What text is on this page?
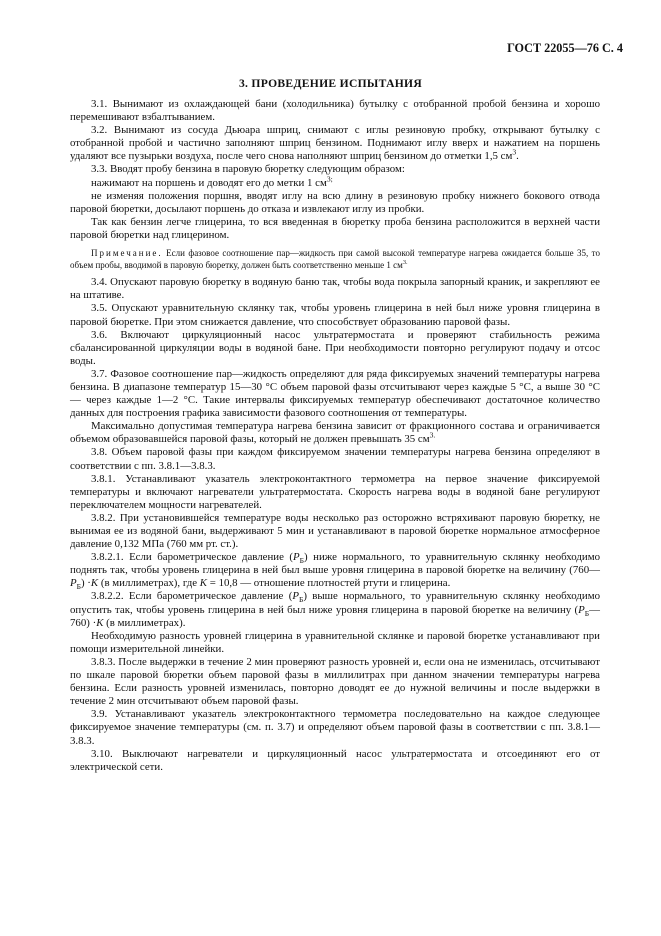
ГОСТ 22055—76 С. 4
3. ПРОВЕДЕНИЕ ИСПЫТАНИЯ

3.1. Вынимают из охлаждающей бани (холодильника) бутылку с отобранной пробой бензина и хорошо перемешивают взбалтыванием.

3.2. Вынимают из сосуда Дьюара шприц, снимают с иглы резиновую пробку, открывают бутылку с отобранной пробой и частично заполняют шприц бензином. Поднимают иглу вверх и нажатием на поршень удаляют все пузырьки воздуха, после чего снова наполняют шприц бензином до отметки 1,5 $см^3$.

3.3. Вводят пробу бензина в паровую бюретку следующим образом:

нажимают на поршень и доводят его до метки 1 $см^{3;}$

не изменяя положения поршня, вводят иглу на всю длину в резиновую пробку нижнего бокового отвода паровой бюретки, досылают поршень до отказа и извлекают иглу из пробки.

Так как бензин легче глицерина, то вся введенная в бюретку проба бензина расположится в верхней части паровой бюретки над глицерином.

Примечание. Если фазовое соотношение пар—жидкость при самой высокой температуре нагрева ожидается больше 35, то объем пробы, вводимой в паровую бюретку, должен быть соответственно меньше 1 $см^{3.}$

3.4. Опускают паровую бюретку в водяную баню так, чтобы вода покрыла запорный краник, и закрепляют ее на штативе.

3.5. Опускают уравнительную склянку так, чтобы уровень глицерина в ней был ниже уровня глицерина в паровой бюретке. При этом снижается давление, что способствует образованию паровой фазы.

3.6. Включают циркуляционный насос ультратермостата и проверяют стабильность режима сбалансированной циркуляции воды в водяной бане. При необходимости повторно регулируют подачу и отсос воды.

3.7. Фазовое соотношение пар—жидкость определяют для ряда фиксируемых значений температуры нагрева бензина. В диапазоне температур 15—30 °С объем паровой фазы отсчитывают через каждые 5 °С, а выше 30 °С — через каждые 1—2 °С. Такие интервалы фиксируемых температур обеспечивают достаточное количество данных для построения графика зависимости фазового соотношения от температуры.

Максимально допустимая температура нагрева бензина зависит от фракционного состава и ограничивается объемом образовавшейся паровой фазы, который не должен превышать 35 $см^{3.}$

3.8. Объем паровой фазы при каждом фиксируемом значении температуры нагрева бензина определяют в соответствии с пп. 3.8.1—3.8.3.

3.8.1. Устанавливают указатель электроконтактного термометра на первое значение фиксируемой температуры и включают нагреватели ультратермостата. Скорость нагрева воды в водяной бане регулируют переключателем мощности нагревателей.

3.8.2. При установившейся температуре воды несколько раз осторожно встряхивают паровую бюретку, не вынимая ее из водяной бани, выдерживают 5 мин и устанавливают в паровой бюретке нормальное атмосферное давление 0,132 МПа (760 мм рт. ст.).

3.8.2.1. Если барометрическое давление $(P_Б)$ ниже нормального, то уравнительную склянку необходимо поднять так, чтобы уровень глицерина в ней был выше уровня глицерина в паровой бюретке на величину $(760—P_Б) \cdot K$ (в миллиметрах), где K = 10,8 — отношение плотностей ртути и глицерина.

3.8.2.2. Если барометрическое давление $(P_Б)$ выше нормального, то уравнительную склянку необходимо опустить так, чтобы уровень глицерина в ней был ниже уровня глицерина в паровой бюретке на величину $(P_Б—760) \cdot K$ (в миллиметрах).

Необходимую разность уровней глицерина в уравнительной склянке и паровой бюретке устанавливают при помощи измерительной линейки.

3.8.3. После выдержки в течение 2 мин проверяют разность уровней и, если она не изменилась, отсчитывают по шкале паровой бюретки объем паровой фазы в миллилитрах при данном значении температуры нагрева бензина. Если разность уровней изменилась, повторно доводят ее до нужной величины и после выдержки в течение 2 мин отсчитывают объем паровой фазы.

3.9. Устанавливают указатель электроконтактного термометра последовательно на каждое следующее фиксируемое значение температуры (см. п. 3.7) и определяют объем паровой фазы в соответствии с пп. 3.8.1—3.8.3.

3.10. Выключают нагреватели и циркуляционный насос ультратермостата и отсоединяют его от электрической сети.
